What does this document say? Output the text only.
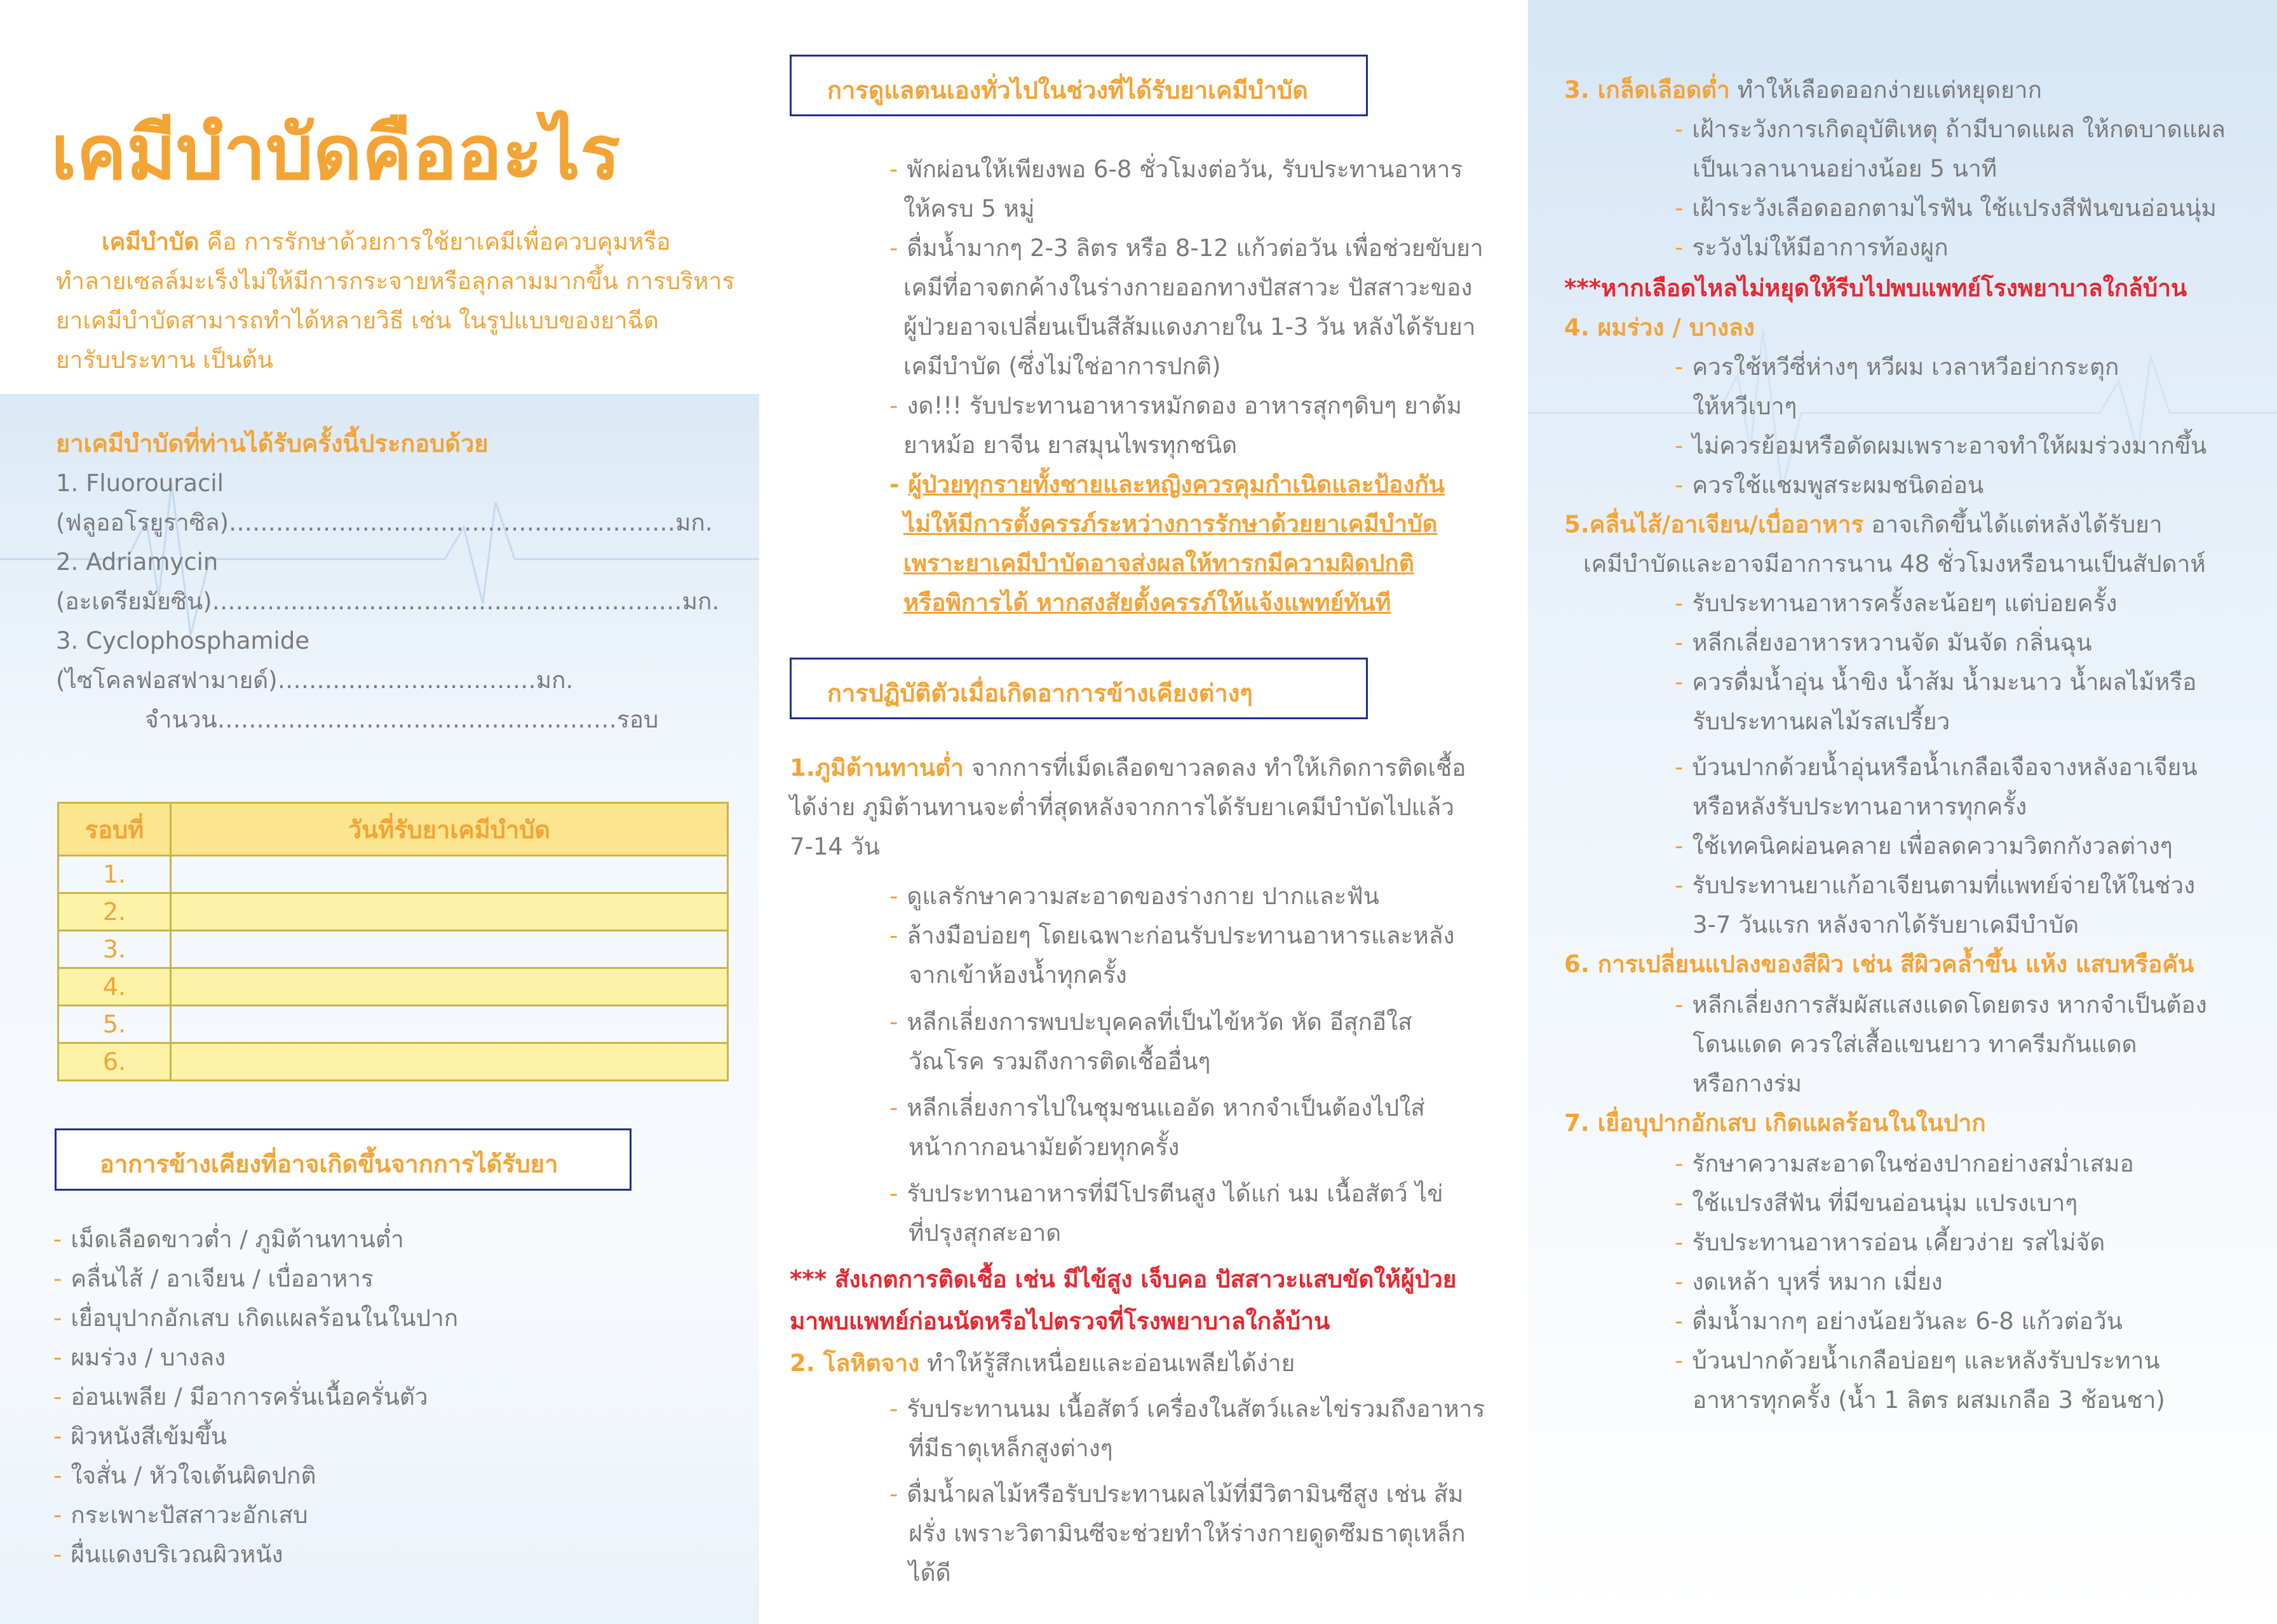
เคมีบำบัดคืออะไร
เคมีบำบัด คือ การรักษาด้วยการใช้ยาเคมีเพื่อควบคุมหรือ
ทำลายเซลล์มะเร็งไม่ให้มีการกระจายหรือลุกลามมากขึ้น การบริหาร
ยาเคมีบำบัดสามารถทำได้หลายวิธี เช่น ในรูปแบบของยาฉีด
ยารับประทาน เป็นต้น
ยาเคมีบำบัดที่ท่านได้รับครั้งนี้ประกอบด้วย
1. Fluorouracil
(ฟลูออโรยูราซิล)…………………………………………………มก.
2. Adriamycin
(อะเดรียมัยซิน)……………………………………………………มก.
3. Cyclophosphamide
(ไซโคลฟอสฟามายด์)……………………………มก.
จำนวน……………………………………………รอบ
รอบที่	วันที่รับยาเคมีบำบัด
1.	
2.	
3.	
4.	
5.	
6.	
อาการข้างเคียงที่อาจเกิดขึ้นจากการได้รับยา
- เม็ดเลือดขาวต่ำ / ภูมิต้านทานต่ำ
- คลื่นไส้ / อาเจียน / เบื่ออาหาร
- เยื่อบุปากอักเสบ เกิดแผลร้อนในในปาก
- ผมร่วง / บางลง
- อ่อนเพลีย / มีอาการครั่นเนื้อครั่นตัว
- ผิวหนังสีเข้มขึ้น
- ใจสั่น / หัวใจเต้นผิดปกติ
- กระเพาะปัสสาวะอักเสบ
- ผื่นแดงบริเวณผิวหนัง
การดูแลตนเองทั่วไปในช่วงที่ได้รับยาเคมีบำบัด
- พักผ่อนให้เพียงพอ 6-8 ชั่วโมงต่อวัน, รับประทานอาหาร
ให้ครบ 5 หมู่
- ดื่มน้ำมากๆ 2-3 ลิตร หรือ 8-12 แก้วต่อวัน เพื่อช่วยขับยา
เคมีที่อาจตกค้างในร่างกายออกทางปัสสาวะ ปัสสาวะของ
ผู้ป่วยอาจเปลี่ยนเป็นสีส้มแดงภายใน 1-3 วัน หลังได้รับยา
เคมีบำบัด (ซึ่งไม่ใช่อาการปกติ)
- งด!!! รับประทานอาหารหมักดอง อาหารสุกๆดิบๆ ยาต้ม
ยาหม้อ ยาจีน ยาสมุนไพรทุกชนิด
- ผู้ป่วยทุกรายทั้งชายและหญิงควรคุมกำเนิดและป้องกัน
ไม่ให้มีการตั้งครรภ์ระหว่างการรักษาด้วยยาเคมีบำบัด
เพราะยาเคมีบำบัดอาจส่งผลให้ทารกมีความผิดปกติ
หรือพิการได้ หากสงสัยตั้งครรภ์ให้แจ้งแพทย์ทันที
การปฏิบัติตัวเมื่อเกิดอาการข้างเคียงต่างๆ
1.ภูมิต้านทานต่ำ จากการที่เม็ดเลือดขาวลดลง ทำให้เกิดการติดเชื้อ
ได้ง่าย ภูมิต้านทานจะต่ำที่สุดหลังจากการได้รับยาเคมีบำบัดไปแล้ว
7-14 วัน
- ดูแลรักษาความสะอาดของร่างกาย ปากและฟัน
- ล้างมือบ่อยๆ โดยเฉพาะก่อนรับประทานอาหารและหลัง
จากเข้าห้องน้ำทุกครั้ง
- หลีกเลี่ยงการพบปะบุคคลที่เป็นไข้หวัด หัด อีสุกอีใส
วัณโรค รวมถึงการติดเชื้ออื่นๆ
- หลีกเลี่ยงการไปในชุมชนแออัด หากจำเป็นต้องไปใส่
หน้ากากอนามัยด้วยทุกครั้ง
- รับประทานอาหารที่มีโปรตีนสูง ได้แก่ นม เนื้อสัตว์ ไข่
ที่ปรุงสุกสะอาด
*** สังเกตการติดเชื้อ เช่น มีไข้สูง เจ็บคอ ปัสสาวะแสบขัดให้ผู้ป่วย
มาพบแพทย์ก่อนนัดหรือไปตรวจที่โรงพยาบาลใกล้บ้าน
2. โลหิตจาง ทำให้รู้สึกเหนื่อยและอ่อนเพลียได้ง่าย
- รับประทานนม เนื้อสัตว์ เครื่องในสัตว์และไข่รวมถึงอาหาร
ที่มีธาตุเหล็กสูงต่างๆ
- ดื่มน้ำผลไม้หรือรับประทานผลไม้ที่มีวิตามินซีสูง เช่น ส้ม
ฝรั่ง เพราะวิตามินซีจะช่วยทำให้ร่างกายดูดซึมธาตุเหล็ก
ได้ดี
3. เกล็ดเลือดต่ำ ทำให้เลือดออกง่ายแต่หยุดยาก
- เฝ้าระวังการเกิดอุบัติเหตุ ถ้ามีบาดแผล ให้กดบาดแผล
เป็นเวลานานอย่างน้อย 5 นาที
- เฝ้าระวังเลือดออกตามไรฟัน ใช้แปรงสีฟันขนอ่อนนุ่ม
- ระวังไม่ให้มีอาการท้องผูก
***หากเลือดไหลไม่หยุดให้รีบไปพบแพทย์โรงพยาบาลใกล้บ้าน
4. ผมร่วง / บางลง
- ควรใช้หวีซี่ห่างๆ หวีผม เวลาหวีอย่ากระตุก
ให้หวีเบาๆ
- ไม่ควรย้อมหรือดัดผมเพราะอาจทำให้ผมร่วงมากขึ้น
- ควรใช้แชมพูสระผมชนิดอ่อน
5.คลื่นไส้/อาเจียน/เบื่ออาหาร อาจเกิดขึ้นได้แต่หลังได้รับยา
เคมีบำบัดและอาจมีอาการนาน 48 ชั่วโมงหรือนานเป็นสัปดาห์
- รับประทานอาหารครั้งละน้อยๆ แต่บ่อยครั้ง
- หลีกเลี่ยงอาหารหวานจัด มันจัด กลิ่นฉุน
- ควรดื่มน้ำอุ่น น้ำขิง น้ำส้ม น้ำมะนาว น้ำผลไม้หรือ
รับประทานผลไม้รสเปรี้ยว
- บ้วนปากด้วยน้ำอุ่นหรือน้ำเกลือเจือจางหลังอาเจียน
หรือหลังรับประทานอาหารทุกครั้ง
- ใช้เทคนิคผ่อนคลาย เพื่อลดความวิตกกังวลต่างๆ
- รับประทานยาแก้อาเจียนตามที่แพทย์จ่ายให้ในช่วง
3-7 วันแรก หลังจากได้รับยาเคมีบำบัด
6. การเปลี่ยนแปลงของสีผิว เช่น สีผิวคล้ำขึ้น แห้ง แสบหรือคัน
- หลีกเลี่ยงการสัมผัสแสงแดดโดยตรง หากจำเป็นต้อง
โดนแดด ควรใส่เสื้อแขนยาว ทาครีมกันแดด
หรือกางร่ม
7. เยื่อบุปากอักเสบ เกิดแผลร้อนในในปาก
- รักษาความสะอาดในช่องปากอย่างสม่ำเสมอ
- ใช้แปรงสีฟัน ที่มีขนอ่อนนุ่ม แปรงเบาๆ
- รับประทานอาหารอ่อน เคี้ยวง่าย รสไม่จัด
- งดเหล้า บุหรี่ หมาก เมี่ยง
- ดื่มน้ำมากๆ อย่างน้อยวันละ 6-8 แก้วต่อวัน
- บ้วนปากด้วยน้ำเกลือบ่อยๆ และหลังรับประทาน
อาหารทุกครั้ง (น้ำ 1 ลิตร ผสมเกลือ 3 ช้อนชา)
